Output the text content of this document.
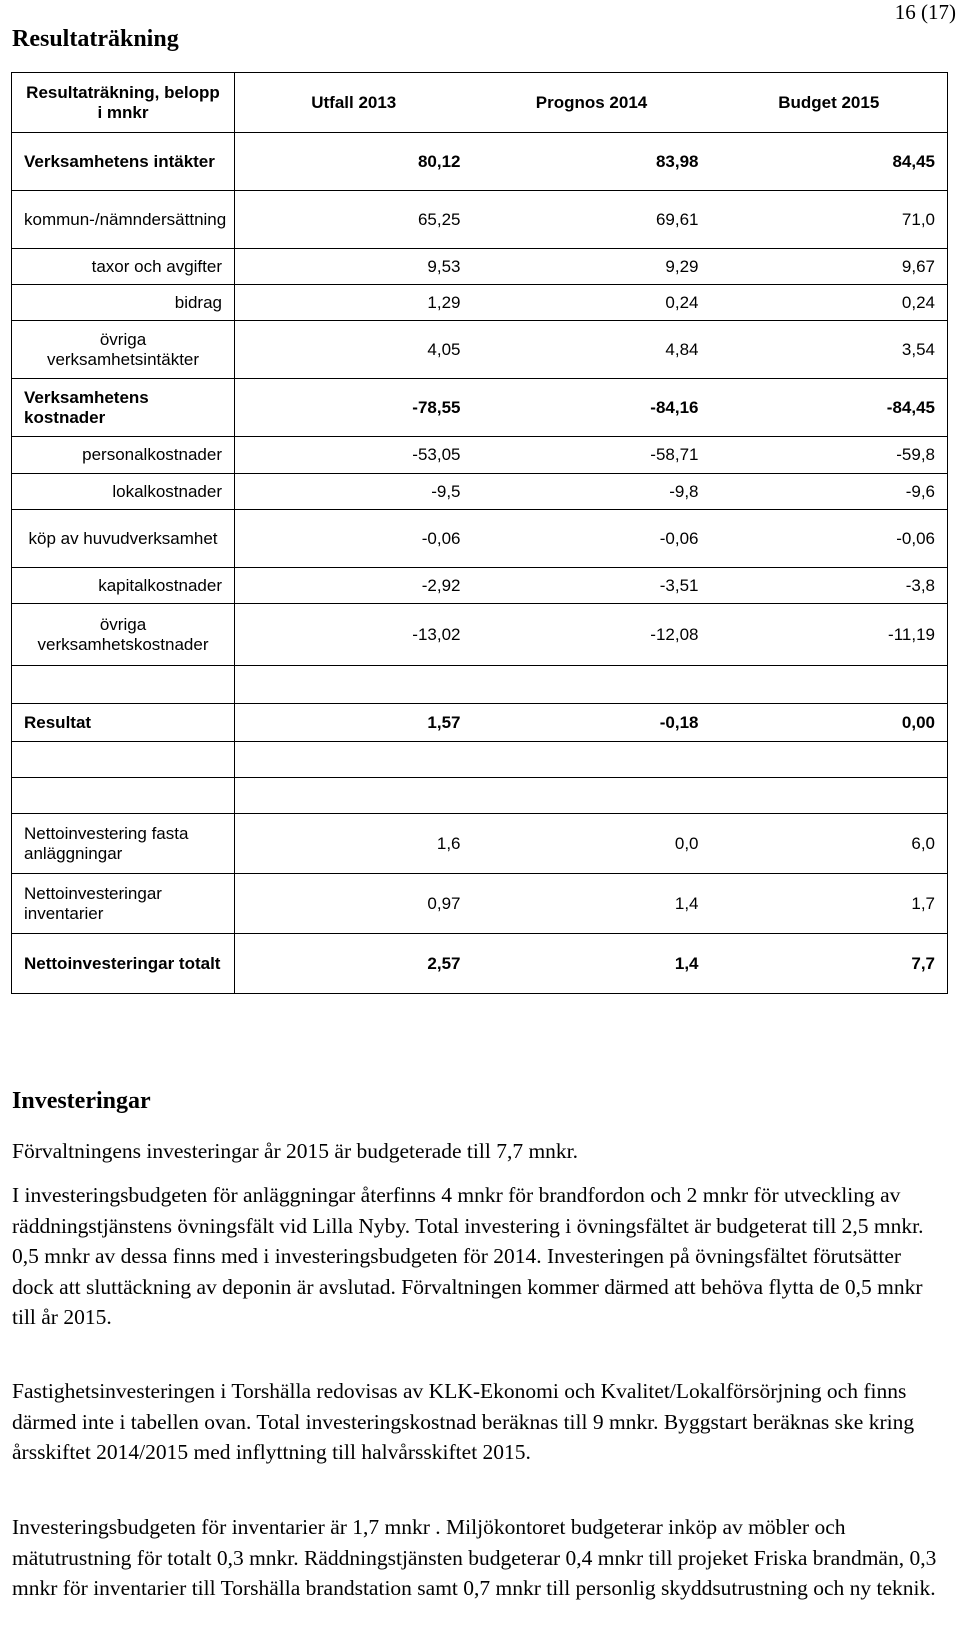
16 (17)
Resultaträkning
Resultaträkning, belopp i mnkr	Utfall 2013	Prognos 2014	Budget 2015
Verksamhetens intäkter	80,12	83,98	84,45
kommun-/nämndersättning	65,25	69,61	71,0
taxor och avgifter	9,53	9,29	9,67
bidrag	1,29	0,24	0,24
övriga verksamhetsintäkter	4,05	4,84	3,54
Verksamhetens kostnader	-78,55	-84,16	-84,45
personalkostnader	-53,05	-58,71	-59,8
lokalkostnader	-9,5	-9,8	-9,6
köp av huvudverksamhet	-0,06	-0,06	-0,06
kapitalkostnader	-2,92	-3,51	-3,8
övriga verksamhetskostnader	-13,02	-12,08	-11,19

Resultat	1,57	-0,18	0,00

Nettoinvestering fasta anläggningar	1,6	0,0	6,0
Nettoinvesteringar inventarier	0,97	1,4	1,7
Nettoinvesteringar totalt	2,57	1,4	7,7
Investeringar

Förvaltningens investeringar år 2015 är budgeterade till 7,7 mnkr.

I investeringsbudgeten för anläggningar återfinns 4 mnkr för brandfordon och 2 mnkr för utveckling av räddningstjänstens övningsfält vid Lilla Nyby. Total investering i övningsfältet är budgeterat till 2,5 mnkr. 0,5 mnkr av dessa finns med i investeringsbudgeten för 2014. Investeringen på övningsfältet förutsätter dock att sluttäckning av deponin är avslutad. Förvaltningen kommer därmed att behöva flytta de 0,5 mnkr till år 2015.

Fastighetsinvesteringen i Torshälla redovisas av KLK-Ekonomi och Kvalitet/Lokalförsörjning och finns därmed inte i tabellen ovan. Total investeringskostnad beräknas till 9 mnkr. Byggstart beräknas ske kring årsskiftet 2014/2015 med inflyttning till halvårsskiftet 2015.

Investeringsbudgeten för inventarier är 1,7 mnkr . Miljökontoret budgeterar inköp av möbler och mätutrustning för totalt 0,3 mnkr. Räddningstjänsten budgeterar 0,4 mnkr till projeket Friska brandmän, 0,3 mnkr för inventarier till Torshälla brandstation samt 0,7 mnkr till personlig skyddsutrustning och ny teknik.
